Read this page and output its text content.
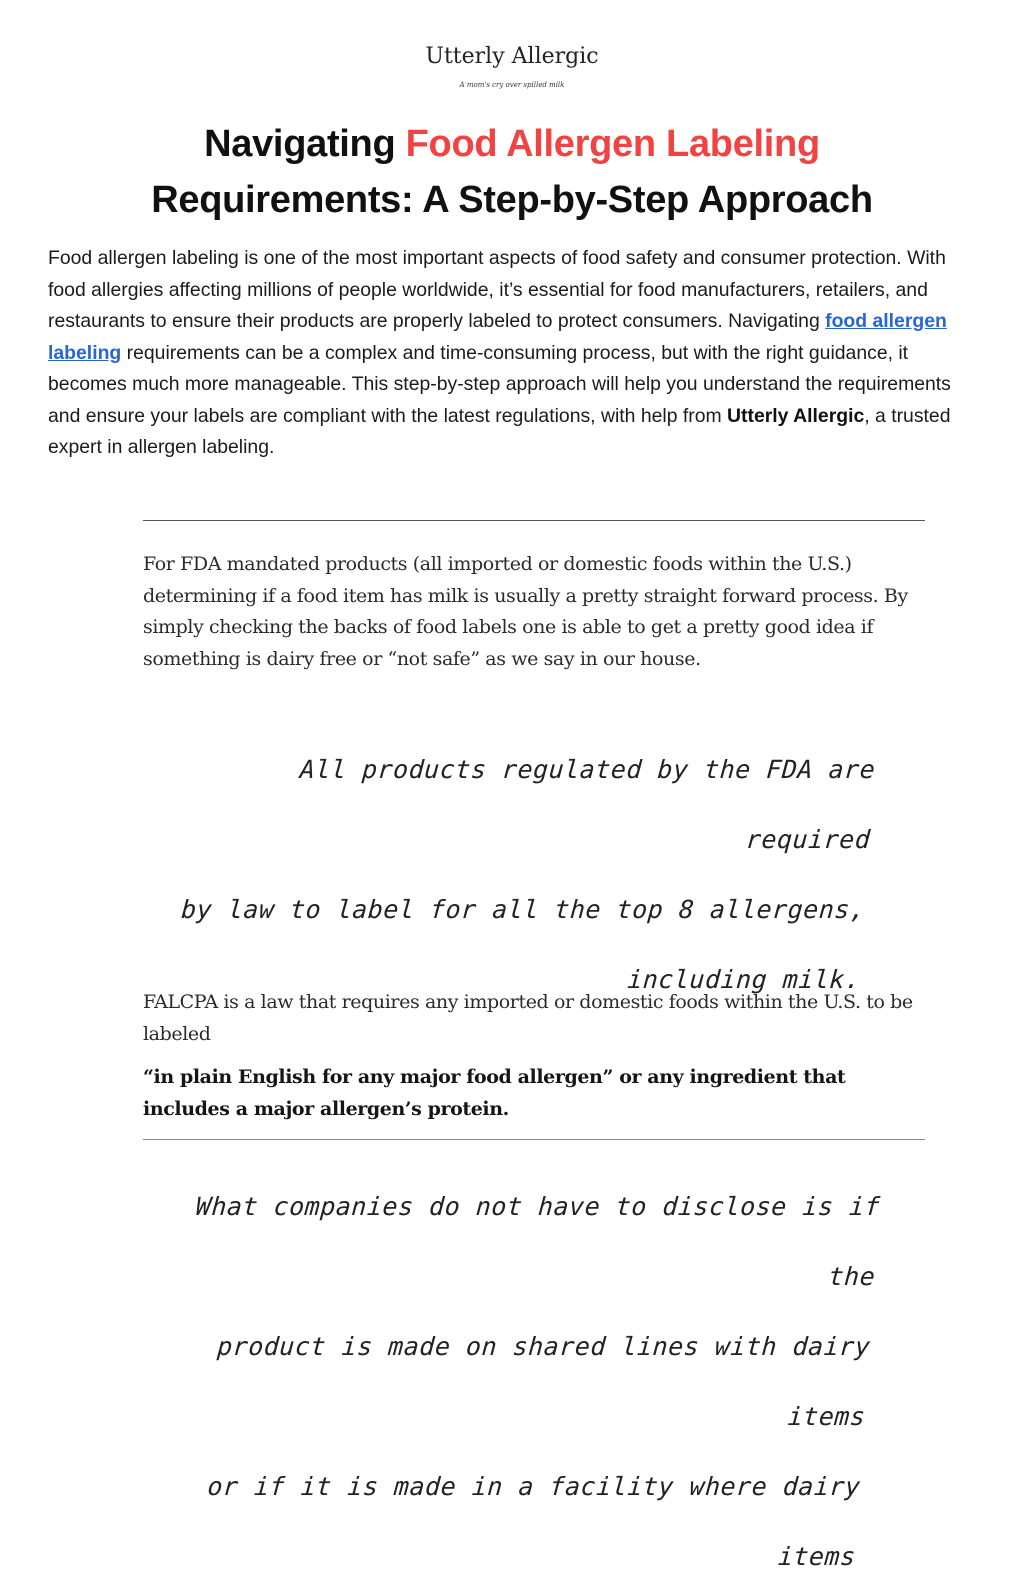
Utterly Allergic
A mom's cry over spilled milk
Navigating Food Allergen Labeling
Requirements: A Step-by-Step Approach

Food allergen labeling is one of the most important aspects of food safety and consumer protection. With food allergies affecting millions of people worldwide, it’s essential for food manufacturers, retailers, and restaurants to ensure their products are properly labeled to protect consumers. Navigating food allergen labeling requirements can be a complex and time-consuming process, but with the right guidance, it becomes much more manageable. This step-by-step approach will help you understand the requirements and ensure your labels are compliant with the latest regulations, with help from Utterly Allergic, a trusted expert in allergen labeling.

For FDA mandated products (all imported or domestic foods within the U.S.) determining if a food item has milk is usually a pretty straight forward process. By simply checking the backs of food labels one is able to get a pretty good idea if something is dairy free or “not safe” as we say in our house.

All products regulated by the FDA are required
by law to label for all the top 8 allergens,
including milk.

FALCPA is a law that requires any imported or domestic foods within the U.S. to be labeled

“in plain English for any major food allergen” or any ingredient that includes a major allergen’s protein.

What companies do not have to disclose is if the
product is made on shared lines with dairy items
or if it is made in a facility where dairy items
